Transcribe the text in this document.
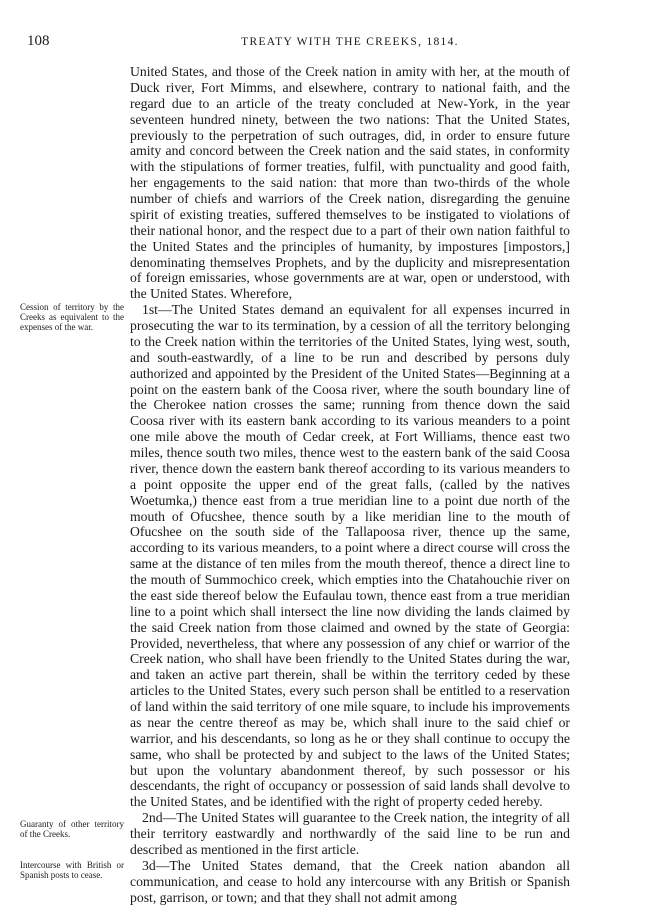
108	TREATY WITH THE CREEKS, 1814.
Cession of territory by the Creeks as equivalent to the expenses of the war.
Guaranty of other territory of the Creeks.
Intercourse with British or Spanish posts to cease.

United States, and those of the Creek nation in amity with her, at the mouth of Duck river, Fort Mimms, and elsewhere, contrary to national faith, and the regard due to an article of the treaty concluded at New-York, in the year seventeen hundred ninety, between the two nations: That the United States, previously to the perpetration of such outrages, did, in order to ensure future amity and concord between the Creek nation and the said states, in conformity with the stipulations of former treaties, fulfil, with punctuality and good faith, her engagements to the said nation: that more than two-thirds of the whole number of chiefs and warriors of the Creek nation, disregarding the genuine spirit of existing treaties, suffered themselves to be instigated to violations of their national honor, and the respect due to a part of their own nation faithful to the United States and the principles of humanity, by impostures [impostors,] denominating themselves Prophets, and by the duplicity and misrepresentation of foreign emissaries, whose governments are at war, open or understood, with the United States. Wherefore,

1st—The United States demand an equivalent for all expenses incurred in prosecuting the war to its termination, by a cession of all the territory belonging to the Creek nation within the territories of the United States, lying west, south, and south-eastwardly, of a line to be run and described by persons duly authorized and appointed by the President of the United States—Beginning at a point on the eastern bank of the Coosa river, where the south boundary line of the Cherokee nation crosses the same; running from thence down the said Coosa river with its eastern bank according to its various meanders to a point one mile above the mouth of Cedar creek, at Fort Williams, thence east two miles, thence south two miles, thence west to the eastern bank of the said Coosa river, thence down the eastern bank thereof according to its various meanders to a point opposite the upper end of the great falls, (called by the natives Woetumka,) thence east from a true meridian line to a point due north of the mouth of Ofucshee, thence south by a like meridian line to the mouth of Ofucshee on the south side of the Tallapoosa river, thence up the same, according to its various meanders, to a point where a direct course will cross the same at the distance of ten miles from the mouth thereof, thence a direct line to the mouth of Summochico creek, which empties into the Chatahouchie river on the east side thereof below the Eufaulau town, thence east from a true meridian line to a point which shall intersect the line now dividing the lands claimed by the said Creek nation from those claimed and owned by the state of Georgia: Provided, nevertheless, that where any possession of any chief or warrior of the Creek nation, who shall have been friendly to the United States during the war, and taken an active part therein, shall be within the territory ceded by these articles to the United States, every such person shall be entitled to a reservation of land within the said territory of one mile square, to include his improvements as near the centre thereof as may be, which shall inure to the said chief or warrior, and his descendants, so long as he or they shall continue to occupy the same, who shall be protected by and subject to the laws of the United States; but upon the voluntary abandonment thereof, by such possessor or his descendants, the right of occupancy or possession of said lands shall devolve to the United States, and be identified with the right of property ceded hereby.

2nd—The United States will guarantee to the Creek nation, the integrity of all their territory eastwardly and northwardly of the said line to be run and described as mentioned in the first article.

3d—The United States demand, that the Creek nation abandon all communication, and cease to hold any intercourse with any British or Spanish post, garrison, or town; and that they shall not admit among
